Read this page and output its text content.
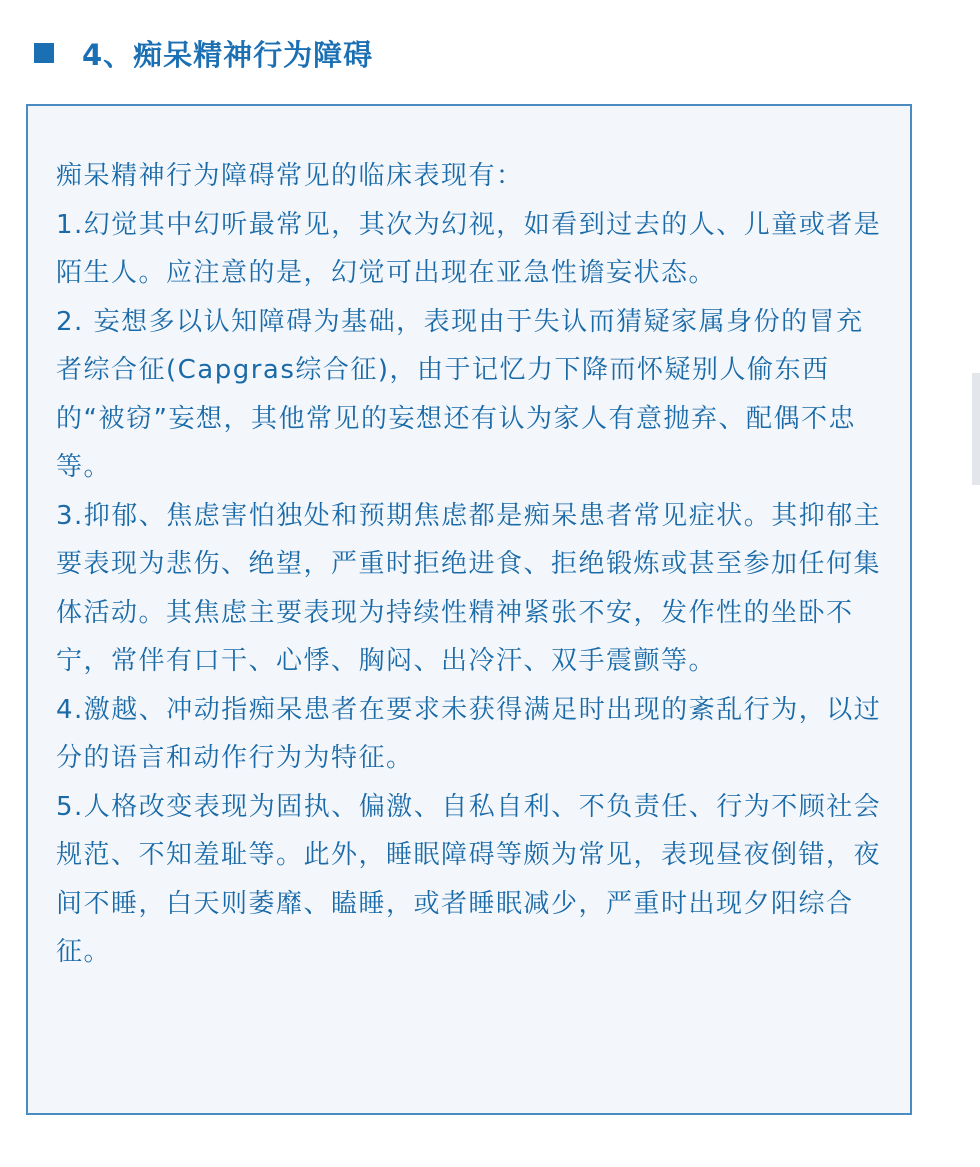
4、痴呆精神行为障碍

痴呆精神行为障碍常见的临床表现有：

1.幻觉其中幻听最常见，其次为幻视，如看到过去的人、儿童或者是陌生人。应注意的是，幻觉可出现在亚急性谵妄状态。

2. 妄想多以认知障碍为基础，表现由于失认而猜疑家属身份的冒充者综合征(Capgras综合征)，由于记忆力下降而怀疑别人偷东西的“被窃”妄想，其他常见的妄想还有认为家人有意抛弃、配偶不忠等。

3.抑郁、焦虑害怕独处和预期焦虑都是痴呆患者常见症状。其抑郁主要表现为悲伤、绝望，严重时拒绝进食、拒绝锻炼或甚至参加任何集体活动。其焦虑主要表现为持续性精神紧张不安，发作性的坐卧不宁，常伴有口干、心悸、胸闷、出冷汗、双手震颤等。

4.激越、冲动指痴呆患者在要求未获得满足时出现的紊乱行为，以过分的语言和动作行为为特征。

5.人格改变表现为固执、偏激、自私自利、不负责任、行为不顾社会规范、不知羞耻等。此外，睡眠障碍等颇为常见，表现昼夜倒错，夜间不睡，白天则萎靡、瞌睡，或者睡眠减少，严重时出现夕阳综合征。
